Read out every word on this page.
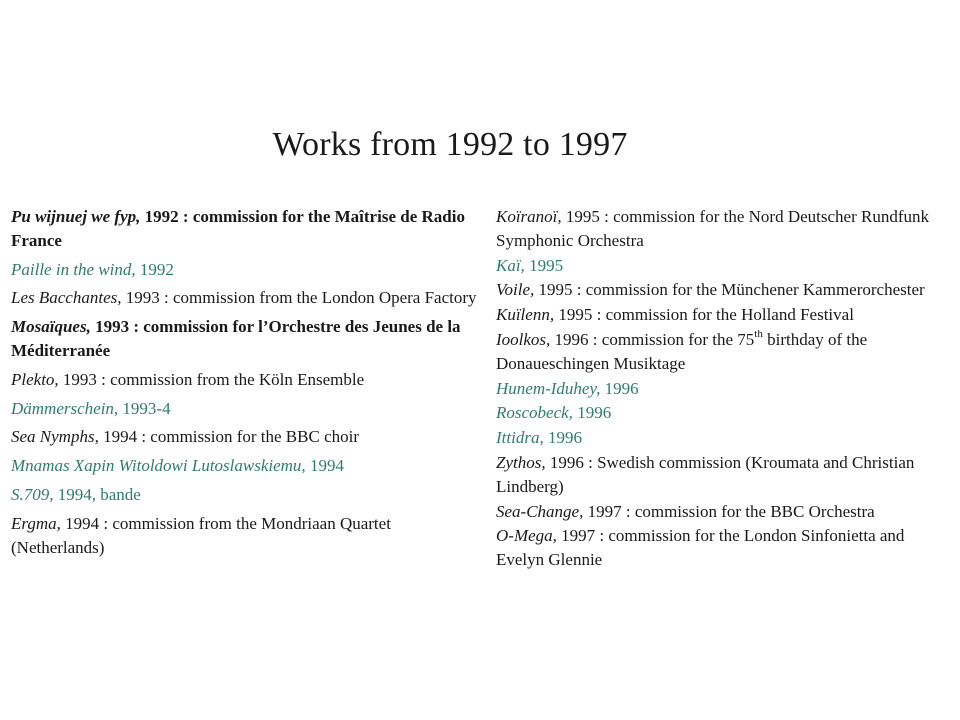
Works from 1992 to 1997
Pu wijnuej we fyp, 1992 : commission for the Maîtrise de Radio France
Paille in the wind, 1992
Les Bacchantes, 1993 : commission from the London Opera Factory
Mosaïques, 1993 : commission for l’Orchestre des Jeunes de la Méditerranée
Plekto, 1993 : commission from the Köln Ensemble
Dämmerschein, 1993-4
Sea Nymphs, 1994 : commission for the BBC choir
Mnamas Xapin Witoldowi Lutoslawskiemu, 1994
S.709, 1994, bande
Ergma, 1994 : commission from the Mondriaan Quartet (Netherlands)
Koïranoï, 1995 : commission for the Nord Deutscher Rundfunk Symphonic Orchestra
Kaï, 1995
Voile, 1995 : commission for the Münchener Kammerorchester
Kuïlenn, 1995 : commission for the Holland Festival
Ioolkos, 1996 : commission for the 75th birthday of the Donaueschingen Musiktage
Hunem-Iduhey, 1996
Roscobeck, 1996
Ittidra, 1996
Zythos, 1996 : Swedish commission (Kroumata and Christian Lindberg)
Sea-Change, 1997 : commission for the BBC Orchestra
O-Mega, 1997 : commission for the London Sinfonietta and Evelyn Glennie
